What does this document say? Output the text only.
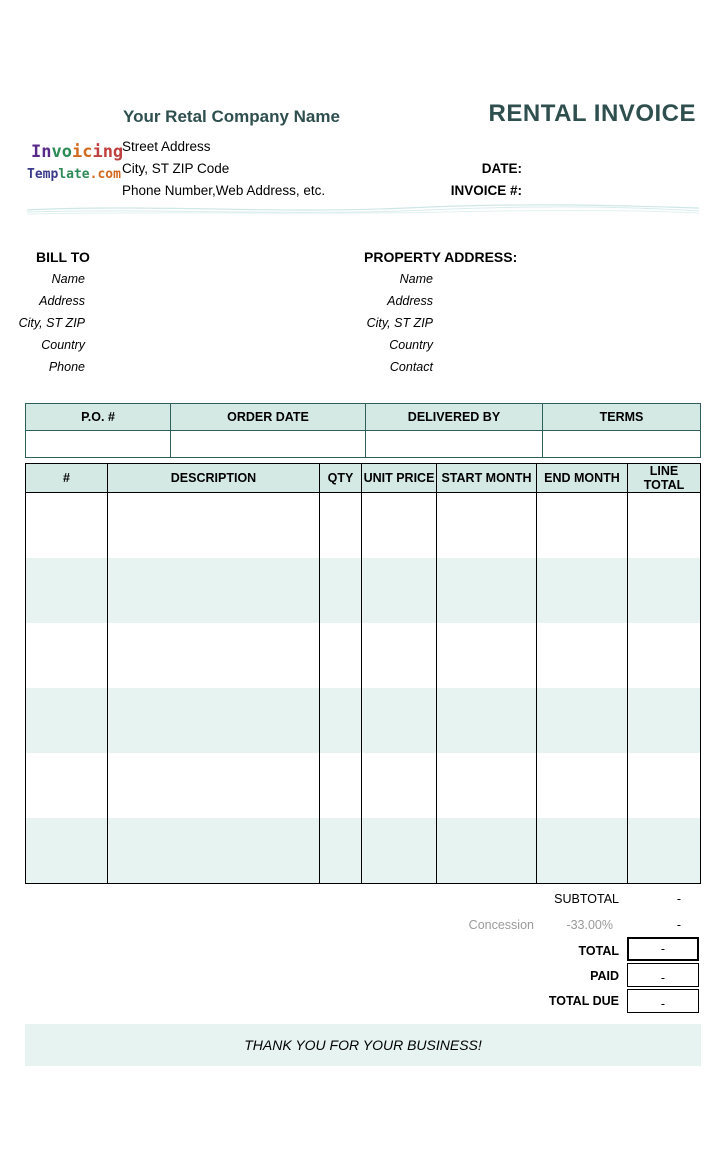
Your Retal Company Name	RENTAL INVOICE
Invoicing
Template.com
Street Address
City, ST ZIP Code
Phone Number,Web Address, etc.
DATE:
INVOICE #:
BILL TO
Name
Address
City, ST ZIP
Country
Phone
PROPERTY ADDRESS:
Name
Address
City, ST ZIP
Country
Contact
P.O. #	ORDER DATE	DELIVERED BY	TERMS

#	DESCRIPTION	QTY	UNIT PRICE	START MONTH	END MONTH	LINE TOTAL

SUBTOTAL	-
Concession	-33.00%	-
TOTAL	-
PAID	-
TOTAL DUE	-
THANK YOU FOR YOUR BUSINESS!
